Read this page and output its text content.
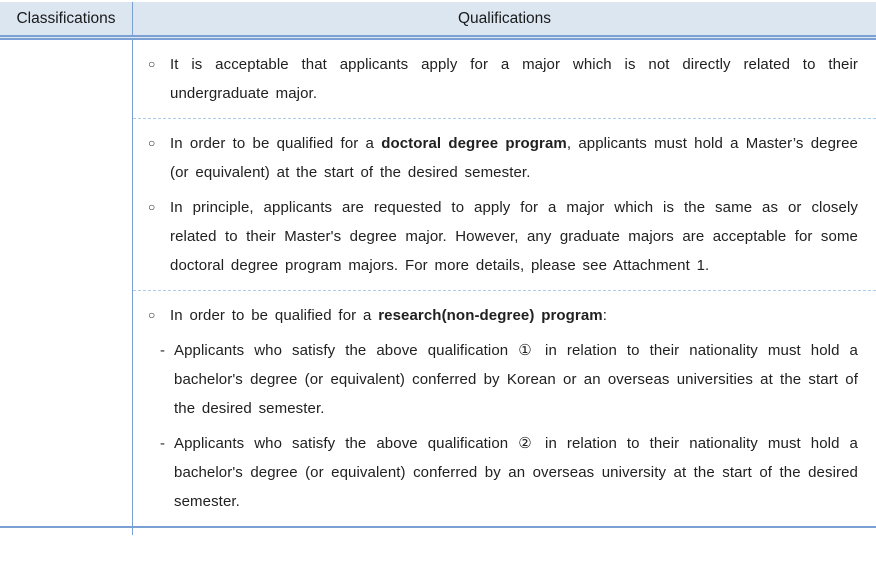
Classifications	Qualifications
○ It is acceptable that applicants apply for a major which is not directly related to their undergraduate major.
○ In order to be qualified for a doctoral degree program, applicants must hold a Master’s degree (or equivalent) at the start of the desired semester.
○ In principle, applicants are requested to apply for a major which is the same as or closely related to their Master's degree major. However, any graduate majors are acceptable for some doctoral degree program majors. For more details, please see Attachment 1.
○ In order to be qualified for a research(non-degree) program:
- Applicants who satisfy the above qualification ① in relation to their nationality must hold a bachelor's degree (or equivalent) conferred by Korean or an overseas universities at the start of the desired semester.
- Applicants who satisfy the above qualification ② in relation to their nationality must hold a bachelor's degree (or equivalent) conferred by an overseas university at the start of the desired semester.
